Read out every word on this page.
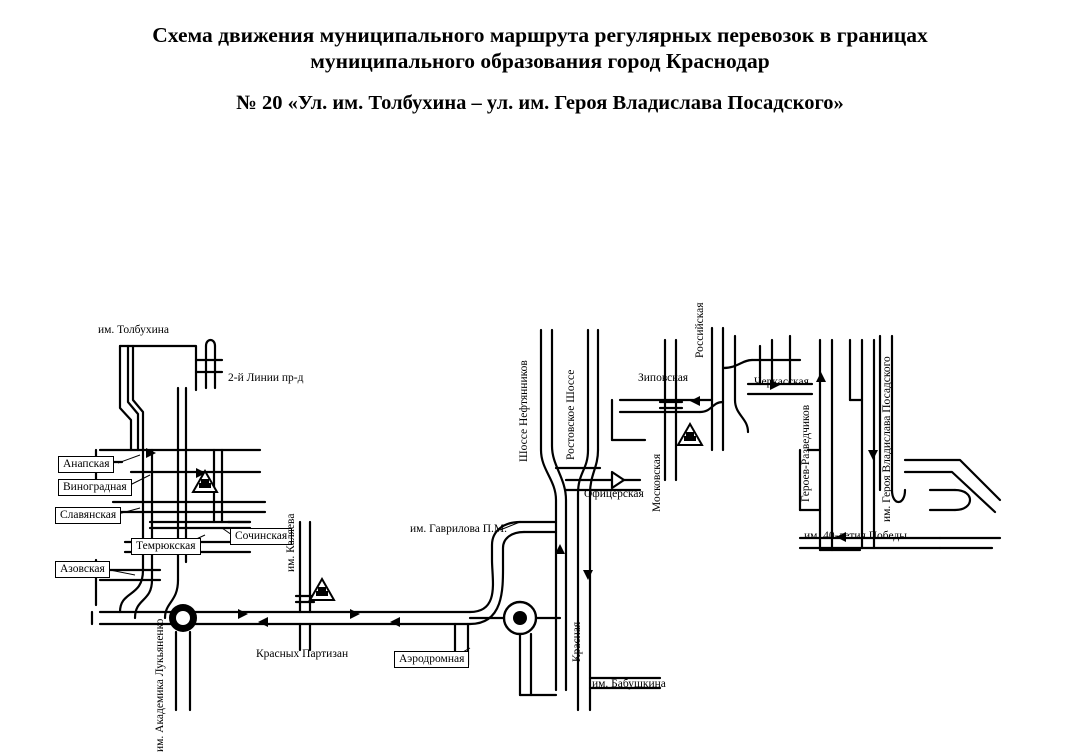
Схема движения муниципального маршрута регулярных перевозок в границах
муниципального образования город Краснодар
№ 20 «Ул. им. Толбухина – ул. им. Героя Владислава Посадского»
им. Толбухина
2-й Линии пр-д
Анапская
Виноградная
Славянская
Темрюкская
Сочинская
Азовская	им. Каляева
им. Академика Лукьяненко	Красных Партизан	Аэродромная
им. Гаврилова П.М.
Красная
им. Бабушкина
Шоссе Нефтянников	Ростовское Шоссе
Офицерская Московская
Зиповская
Российская
Черкасская
Героев-Разведчиков	им. Героя Владислава Посадского
им. 40-летия Победы
